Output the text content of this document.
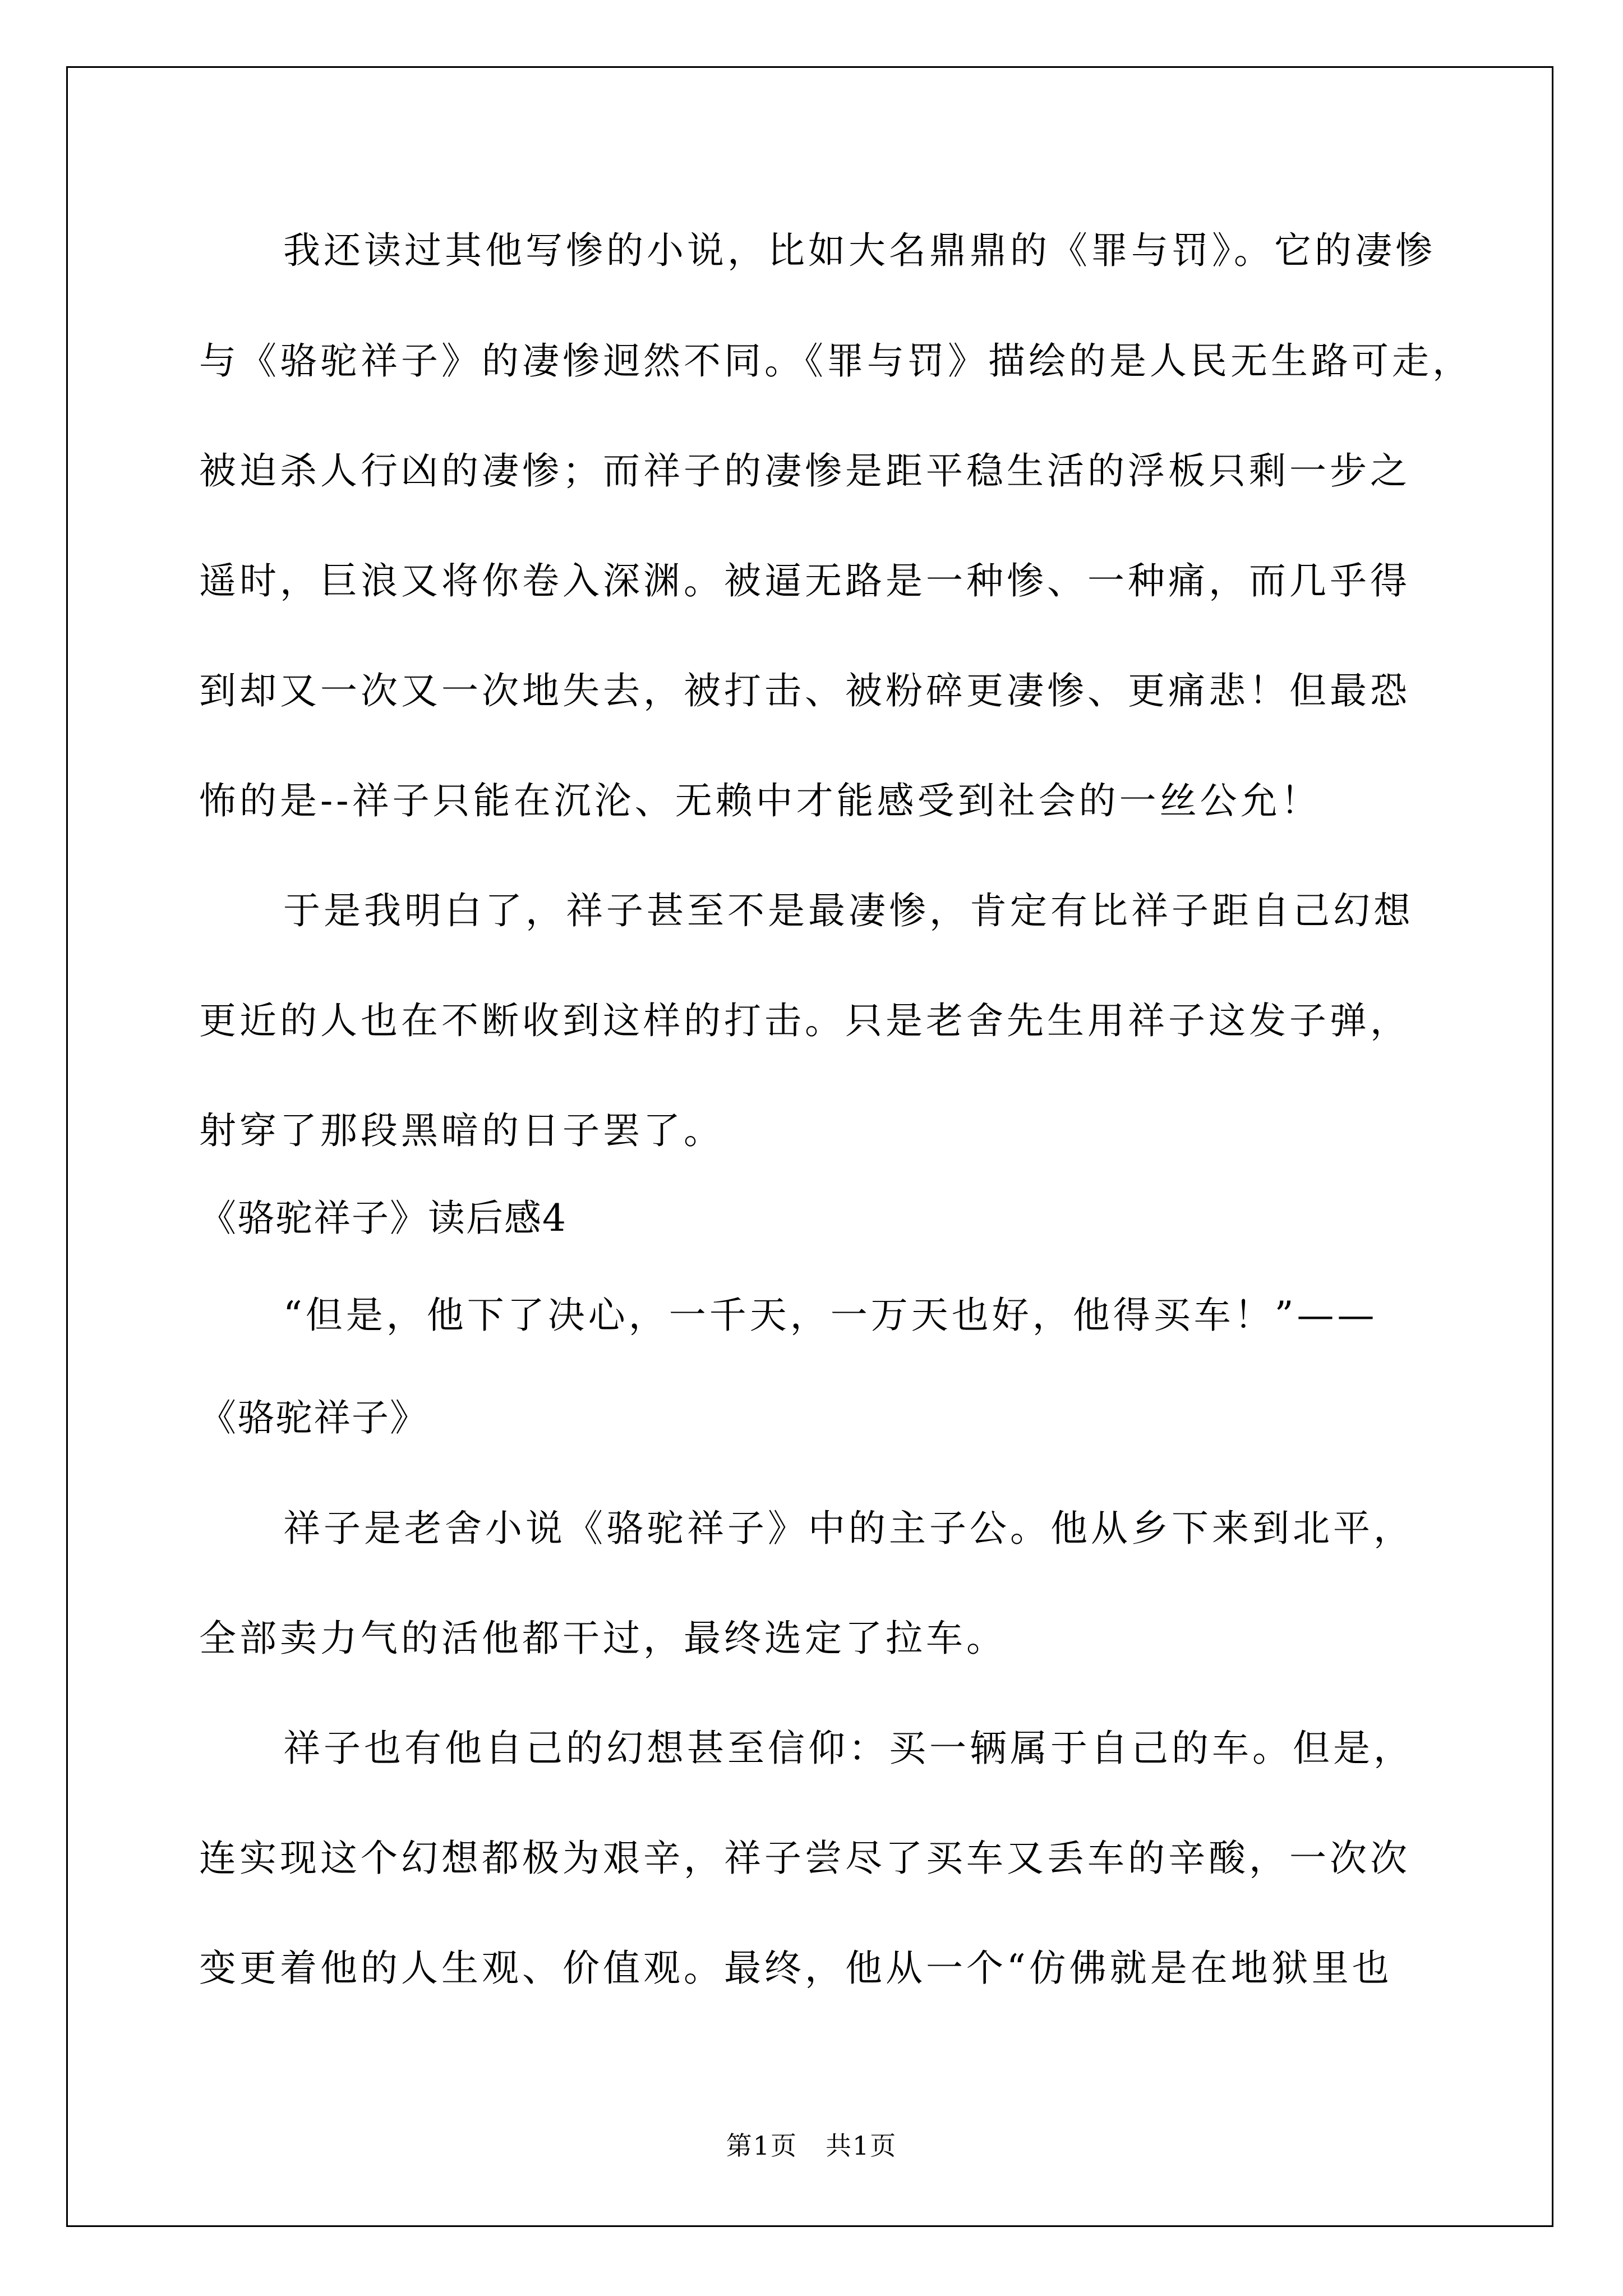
我还读过其他写惨的小说，比如大名鼎鼎的《罪与罚》。它的凄惨
与《骆驼祥子》的凄惨迥然不同。《罪与罚》描绘的是人民无生路可走，
被迫杀人行凶的凄惨；而祥子的凄惨是距平稳生活的浮板只剩一步之
遥时，巨浪又将你卷入深渊。被逼无路是一种惨、一种痛，而几乎得
到却又一次又一次地失去，被打击、被粉碎更凄惨、更痛悲！但最恐
怖的是--祥子只能在沉沦、无赖中才能感受到社会的一丝公允！
于是我明白了，祥子甚至不是最凄惨，肯定有比祥子距自己幻想
更近的人也在不断收到这样的打击。只是老舍先生用祥子这发子弹，
射穿了那段黑暗的日子罢了。
《骆驼祥子》读后感4
“但是，他下了决心，一千天，一万天也好，他得买车！”——
《骆驼祥子》
祥子是老舍小说《骆驼祥子》中的主子公。他从乡下来到北平，
全部卖力气的活他都干过，最终选定了拉车。
祥子也有他自己的幻想甚至信仰：买一辆属于自己的车。但是，
连实现这个幻想都极为艰辛，祥子尝尽了买车又丢车的辛酸，一次次
变更着他的人生观、价值观。最终，他从一个“仿佛就是在地狱里也
第1页 共1页
